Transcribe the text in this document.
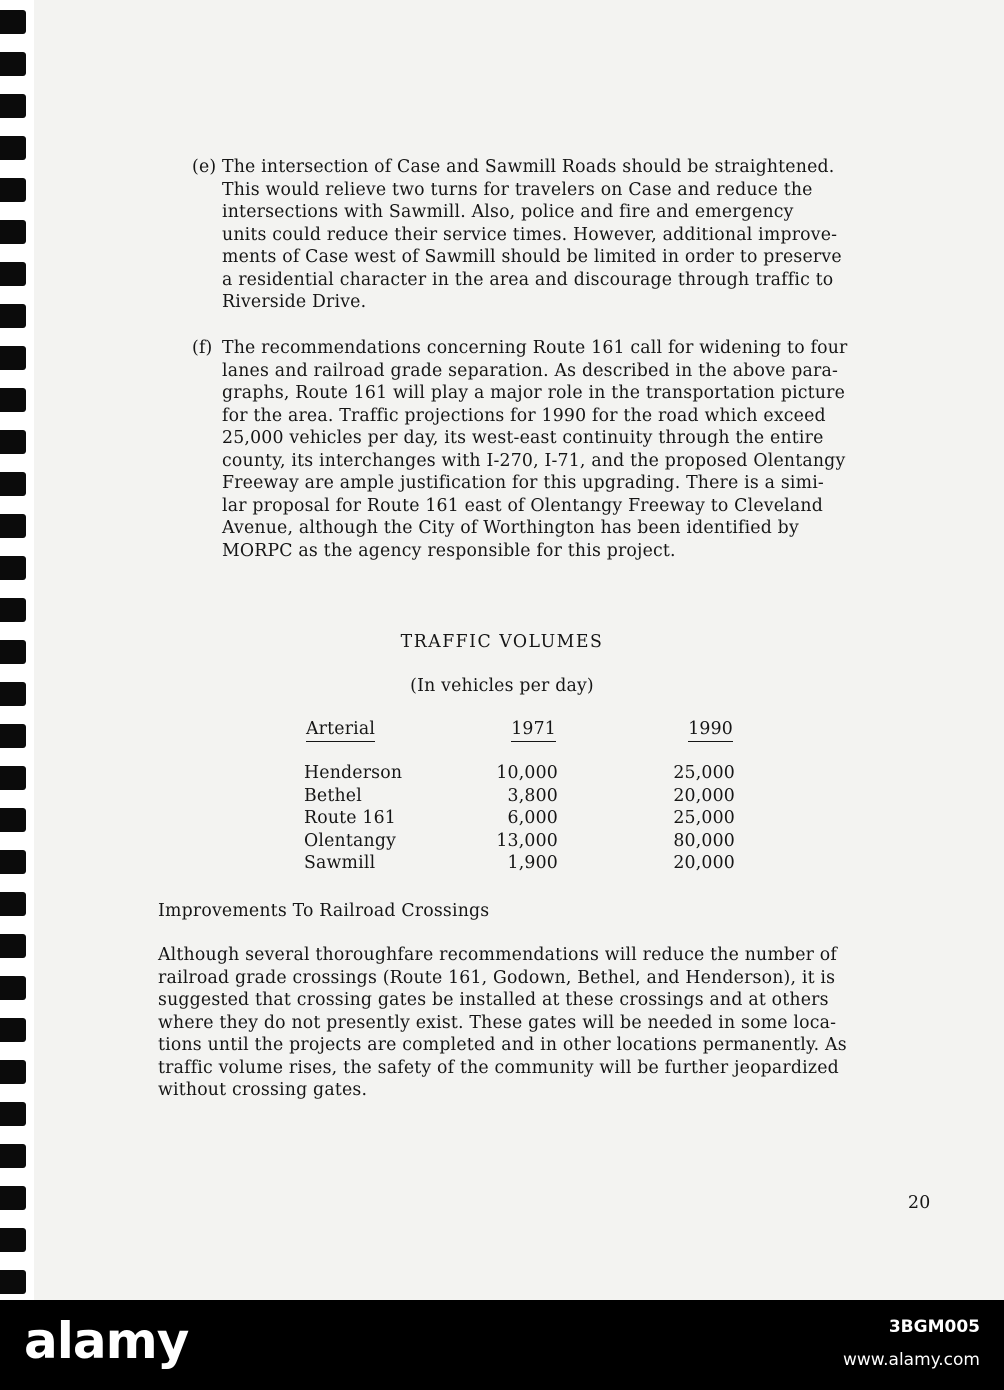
(e) The intersection of Case and Sawmill Roads should be straightened.
This would relieve two turns for travelers on Case and reduce the
intersections with Sawmill. Also, police and fire and emergency
units could reduce their service times. However, additional improve-
ments of Case west of Sawmill should be limited in order to preserve
a residential character in the area and discourage through traffic to
Riverside Drive.
(f) The recommendations concerning Route 161 call for widening to four
lanes and railroad grade separation. As described in the above para-
graphs, Route 161 will play a major role in the transportation picture
for the area. Traffic projections for 1990 for the road which exceed
25,000 vehicles per day, its west-east continuity through the entire
county, its interchanges with I-270, I-71, and the proposed Olentangy
Freeway are ample justification for this upgrading. There is a simi-
lar proposal for Route 161 east of Olentangy Freeway to Cleveland
Avenue, although the City of Worthington has been identified by
MORPC as the agency responsible for this project.
TRAFFIC VOLUMES
(In vehicles per day)
Arterial	1971	1990
Henderson	10,000	25,000
Bethel	3,800	20,000
Route 161	6,000	25,000
Olentangy	13,000	80,000
Sawmill	1,900	20,000
Improvements To Railroad Crossings
Although several thoroughfare recommendations will reduce the number of
railroad grade crossings (Route 161, Godown, Bethel, and Henderson), it is
suggested that crossing gates be installed at these crossings and at others
where they do not presently exist. These gates will be needed in some loca-
tions until the projects are completed and in other locations permanently. As
traffic volume rises, the safety of the community will be further jeopardized
without crossing gates.
20
alamy	3BGM005
www.alamy.com
